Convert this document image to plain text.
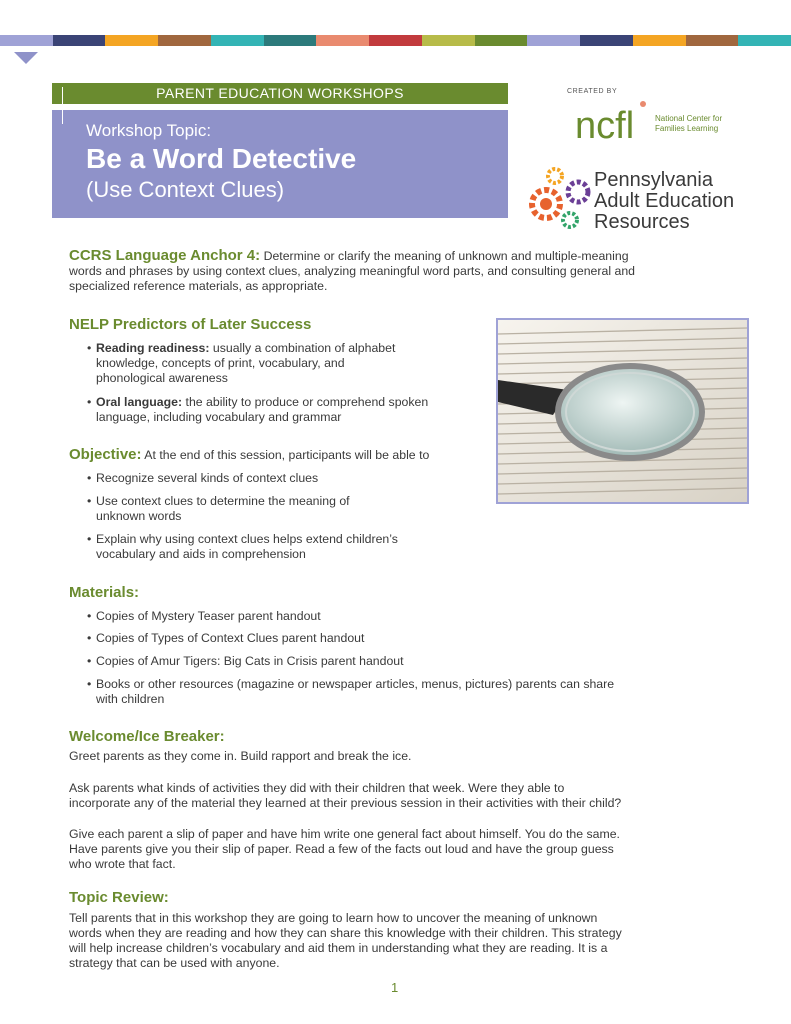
PARENT EDUCATION WORKSHOPS
Workshop Topic:
Be a Word Detective
(Use Context Clues)
CREATED BY
ncfl	National Center for
Families Learning
Pennsylvania
Adult Education
Resources
CCRS Language Anchor 4: Determine or clarify the meaning of unknown and multiple-meaning
words and phrases by using context clues, analyzing meaningful word parts, and consulting general and
specialized reference materials, as appropriate.
NELP Predictors of Later Success
• Reading readiness: usually a combination of alphabet
knowledge, concepts of print, vocabulary, and
phonological awareness
• Oral language: the ability to produce or comprehend spoken
language, including vocabulary and grammar
Objective: At the end of this session, participants will be able to
• Recognize several kinds of context clues
• Use context clues to determine the meaning of
unknown words
• Explain why using context clues helps extend children’s
vocabulary and aids in comprehension
Materials:
• Copies of Mystery Teaser parent handout
• Copies of Types of Context Clues parent handout
• Copies of Amur Tigers: Big Cats in Crisis parent handout
• Books or other resources (magazine or newspaper articles, menus, pictures) parents can share
with children
Welcome/Ice Breaker:
Greet parents as they come in. Build rapport and break the ice.
Ask parents what kinds of activities they did with their children that week. Were they able to
incorporate any of the material they learned at their previous session in their activities with their child?
Give each parent a slip of paper and have him write one general fact about himself. You do the same.
Have parents give you their slip of paper. Read a few of the facts out loud and have the group guess
who wrote that fact.
Topic Review:
Tell parents that in this workshop they are going to learn how to uncover the meaning of unknown
words when they are reading and how they can share this knowledge with their children. This strategy
will help increase children’s vocabulary and aid them in understanding what they are reading. It is a
strategy that can be used with anyone.
1
